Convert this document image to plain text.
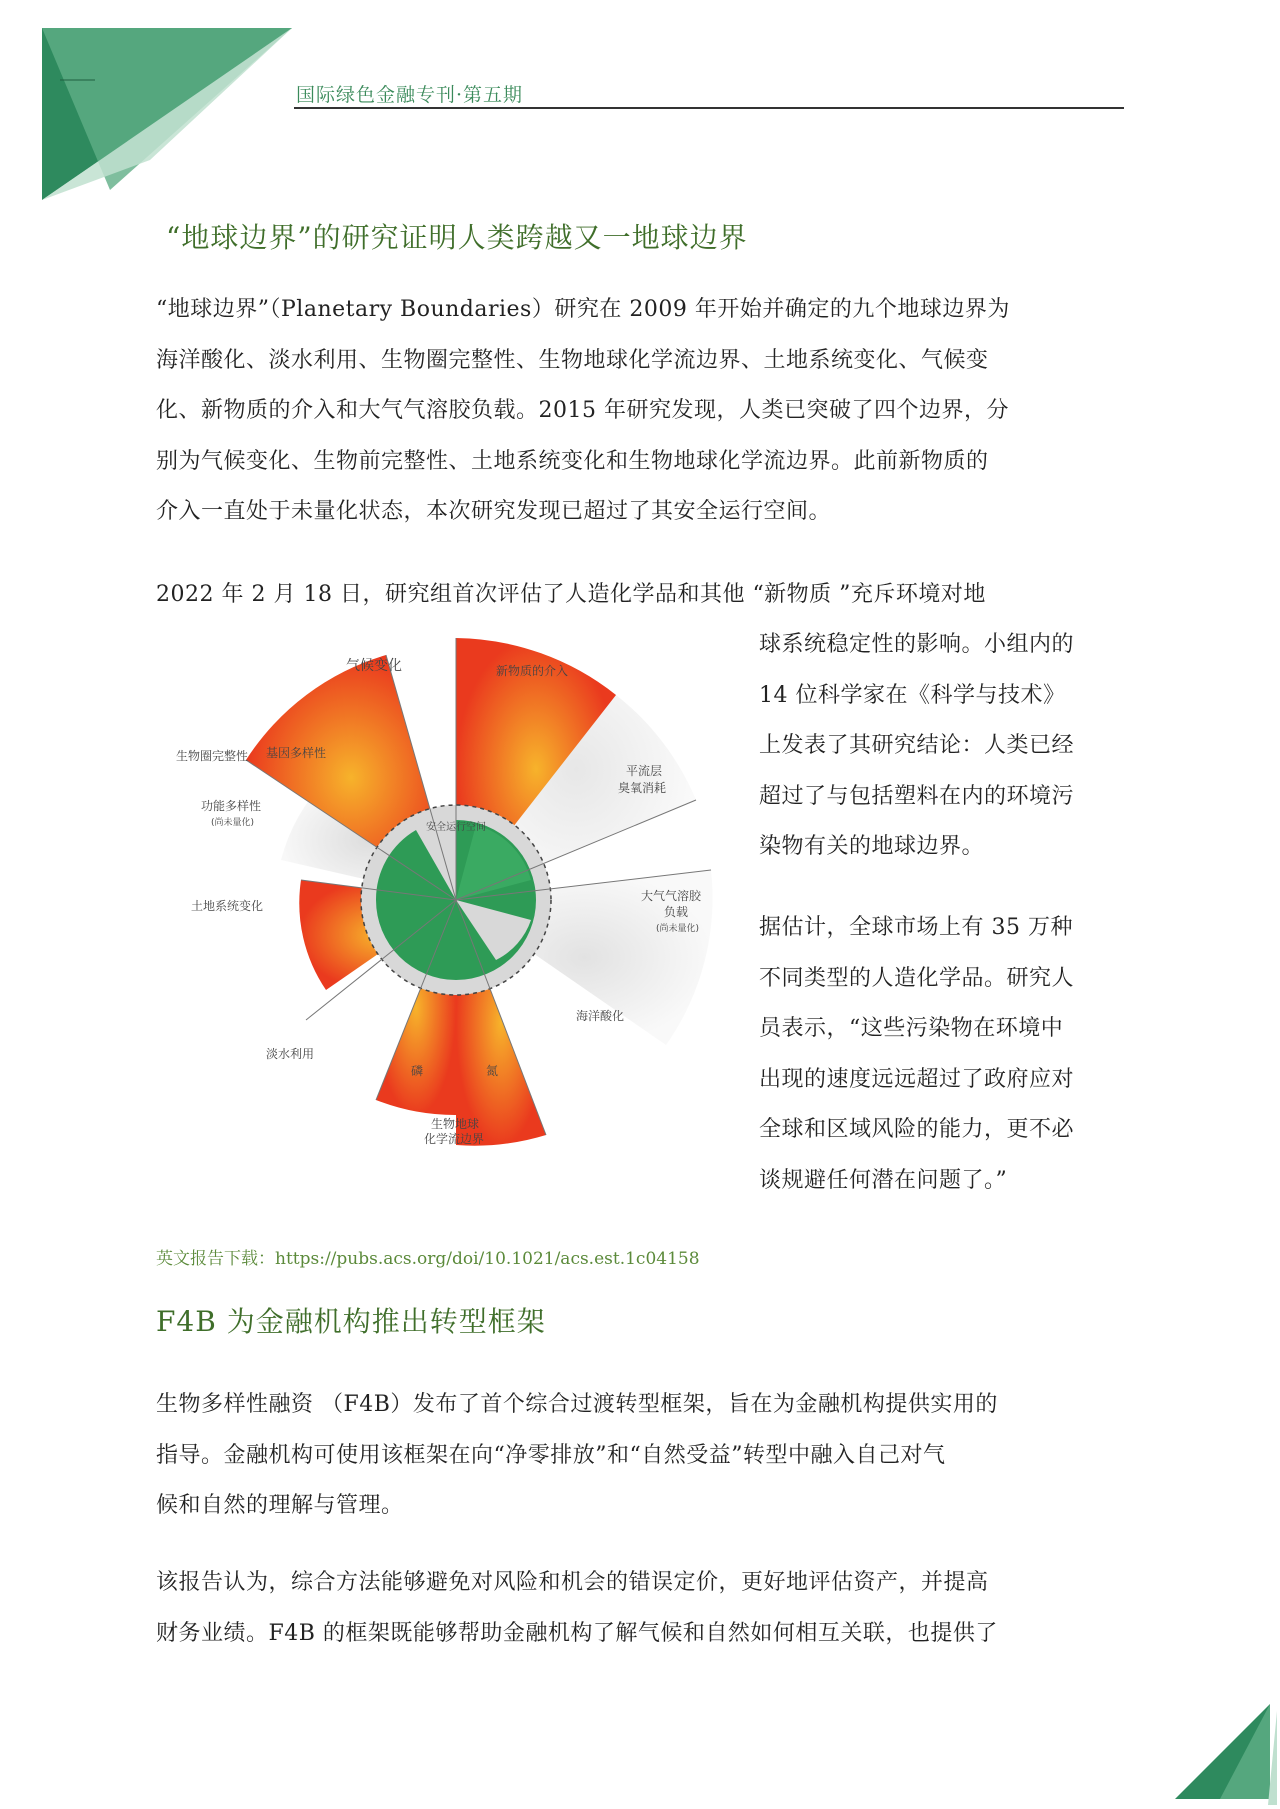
国际绿色金融专刊·第五期
“地球边界”的研究证明人类跨越又一地球边界

“地球边界”（Planetary Boundaries）研究在 2009 年开始并确定的九个地球边界为

海洋酸化、淡水利用、生物圈完整性、生物地球化学流边界、土地系统变化、气候变

化、新物质的介入和大气气溶胶负载。2015 年研究发现，人类已突破了四个边界，分

别为气候变化、生物前完整性、土地系统变化和生物地球化学流边界。此前新物质的

介入一直处于未量化状态，本次研究发现已超过了其安全运行空间。

2022 年 2 月 18 日，研究组首次评估了人造化学品和其他 “新物质 ”充斥环境对地

气候变化	新物质的介入
平流层
臭氧消耗
生物圈完整性 基因多样性
功能多样性
(尚未量化)
土地系统变化
大气气溶胶
负载
(尚未量化)
淡水利用
海洋酸化
磷	氮
生物地球
化学流边界
安全运行空间

球系统稳定性的影响。小组内的

14 位科学家在《科学与技术》

上发表了其研究结论：人类已经

超过了与包括塑料在内的环境污

染物有关的地球边界。

据估计，全球市场上有 35 万种

不同类型的人造化学品。研究人

员表示，“这些污染物在环境中

出现的速度远远超过了政府应对

全球和区域风险的能力，更不必

谈规避任何潜在问题了。”

英文报告下载：https://pubs.acs.org/doi/10.1021/acs.est.1c04158
F4B 为金融机构推出转型框架

生物多样性融资 （F4B）发布了首个综合过渡转型框架，旨在为金融机构提供实用的

指导。金融机构可使用该框架在向“净零排放”和“自然受益”转型中融入自己对气

候和自然的理解与管理。

该报告认为，综合方法能够避免对风险和机会的错误定价，更好地评估资产，并提高

财务业绩。F4B 的框架既能够帮助金融机构了解气候和自然如何相互关联，也提供了
